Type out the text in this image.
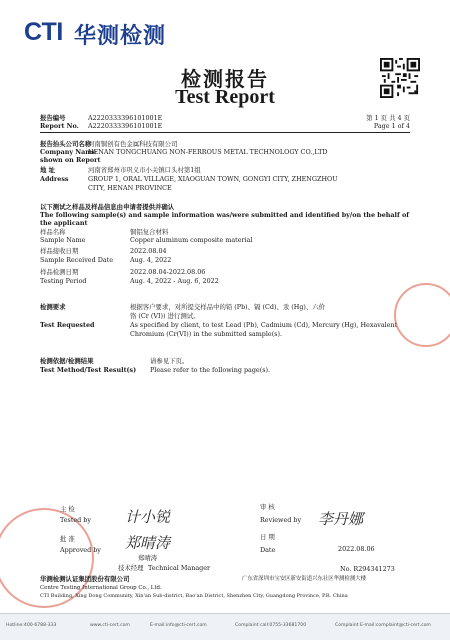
CTI 华测检测
检测报告
Test Report
报告编号	A2220333396101001E
Report No. A2220333396101001E
第 1 页 共 4 页
Page 1 of 4
报告抬头公司名称
河南铜创有色金属科技有限公司
Company Name
HENAN TONGCHUANG NON-FERROUS METAL TECHNOLOGY CO.,LTD
shown on Report
地 址	河南省郑州市巩义市小关镇口头村第1组
Address	GROUP 1, ORAL VILLAGE, XIAOGUAN TOWN, GONGYI CITY, ZHENGZHOU
CITY, HENAN PROVINCE
以下测试之样品及样品信息由申请者提供并确认
The following sample(s) and sample information was/were submitted and identified by/on the behalf of
the applicant
样品名称	铜铝复合材料
Sample Name	Copper aluminum composite material
样品接收日期	2022.08.04
Sample Received Date	Aug. 4, 2022
样品检测日期	2022.08.04-2022.08.06
Testing Period	Aug. 4, 2022 - Aug. 6, 2022
检测要求	根据客户要求，对所提交样品中的铅 (Pb)、镉 (Cd)、汞 (Hg)、六价
铬 (Cr (VI)) 进行测试。
Test Requested	As specified by client, to test Lead (Pb), Cadmium (Cd), Mercury (Hg), Hexavalent
Chromium (Cr(VI)) in the submitted sample(s).
检测依据/检测结果	请参见下页。
Test Method/Test Result(s) Please refer to the following page(s).
主 检
Tested by 计小锐
批 准
Approved by 郑晴涛
郑晴涛
技术经理 Technical Manager
审 核
Reviewed by 李丹娜
日 期
Date	2022.08.06
No. R294341273
华测检测认证集团股份有限公司	广东省深圳市宝安区新安街道兴东社区华测检测大楼
Centre Testing International Group Co., Ltd.
CTI Building, Xing Dong Community, Xin'an Sub-district, Bao'an District, Shenzhen City, Guangdong Province, P.R. China
Hotline:400-6788-333	www.cti-cert.com	E-mail:info@cti-cert.com	Complaint call:0755-33681700	Complaint E-mail:complaint@cti-cert.com
